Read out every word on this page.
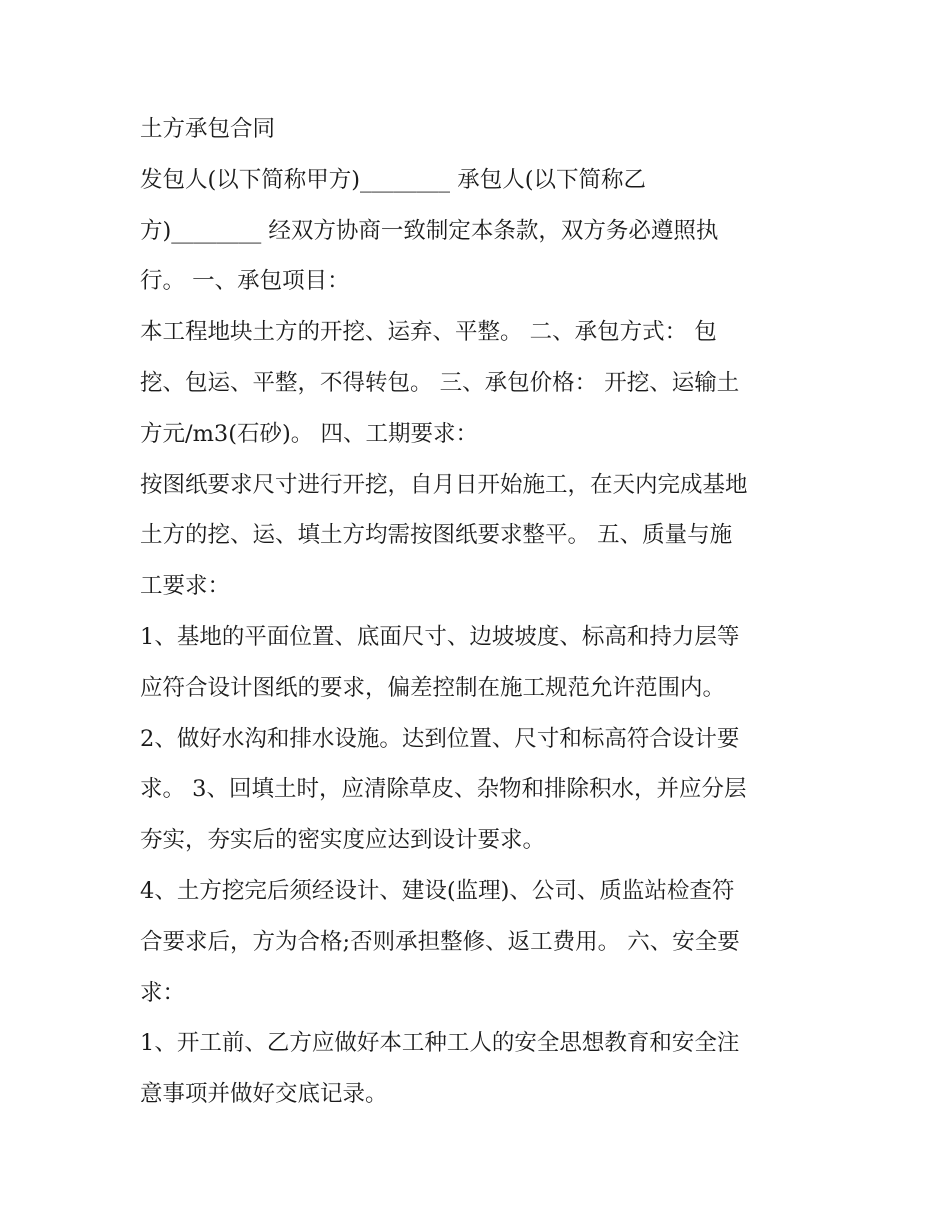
土方承包合同
发包人(以下简称甲方)________ 承包人(以下简称乙
方)________ 经双方协商一致制定本条款，双方务必遵照执
行。 一、承包项目：
本工程地块土方的开挖、运弃、平整。 二、承包方式： 包
挖、包运、平整，不得转包。 三、承包价格： 开挖、运输土
方元/m3(石砂)。 四、工期要求：
按图纸要求尺寸进行开挖，自月日开始施工，在天内完成基地
土方的挖、运、填土方均需按图纸要求整平。 五、质量与施
工要求：
1、基地的平面位置、底面尺寸、边坡坡度、标高和持力层等
应符合设计图纸的要求，偏差控制在施工规范允许范围内。
2、做好水沟和排水设施。达到位置、尺寸和标高符合设计要
求。 3、回填土时，应清除草皮、杂物和排除积水，并应分层
夯实，夯实后的密实度应达到设计要求。
4、土方挖完后须经设计、建设(监理)、公司、质监站检查符
合要求后，方为合格;否则承担整修、返工费用。 六、安全要
求：
1、开工前、乙方应做好本工种工人的安全思想教育和安全注
意事项并做好交底记录。
